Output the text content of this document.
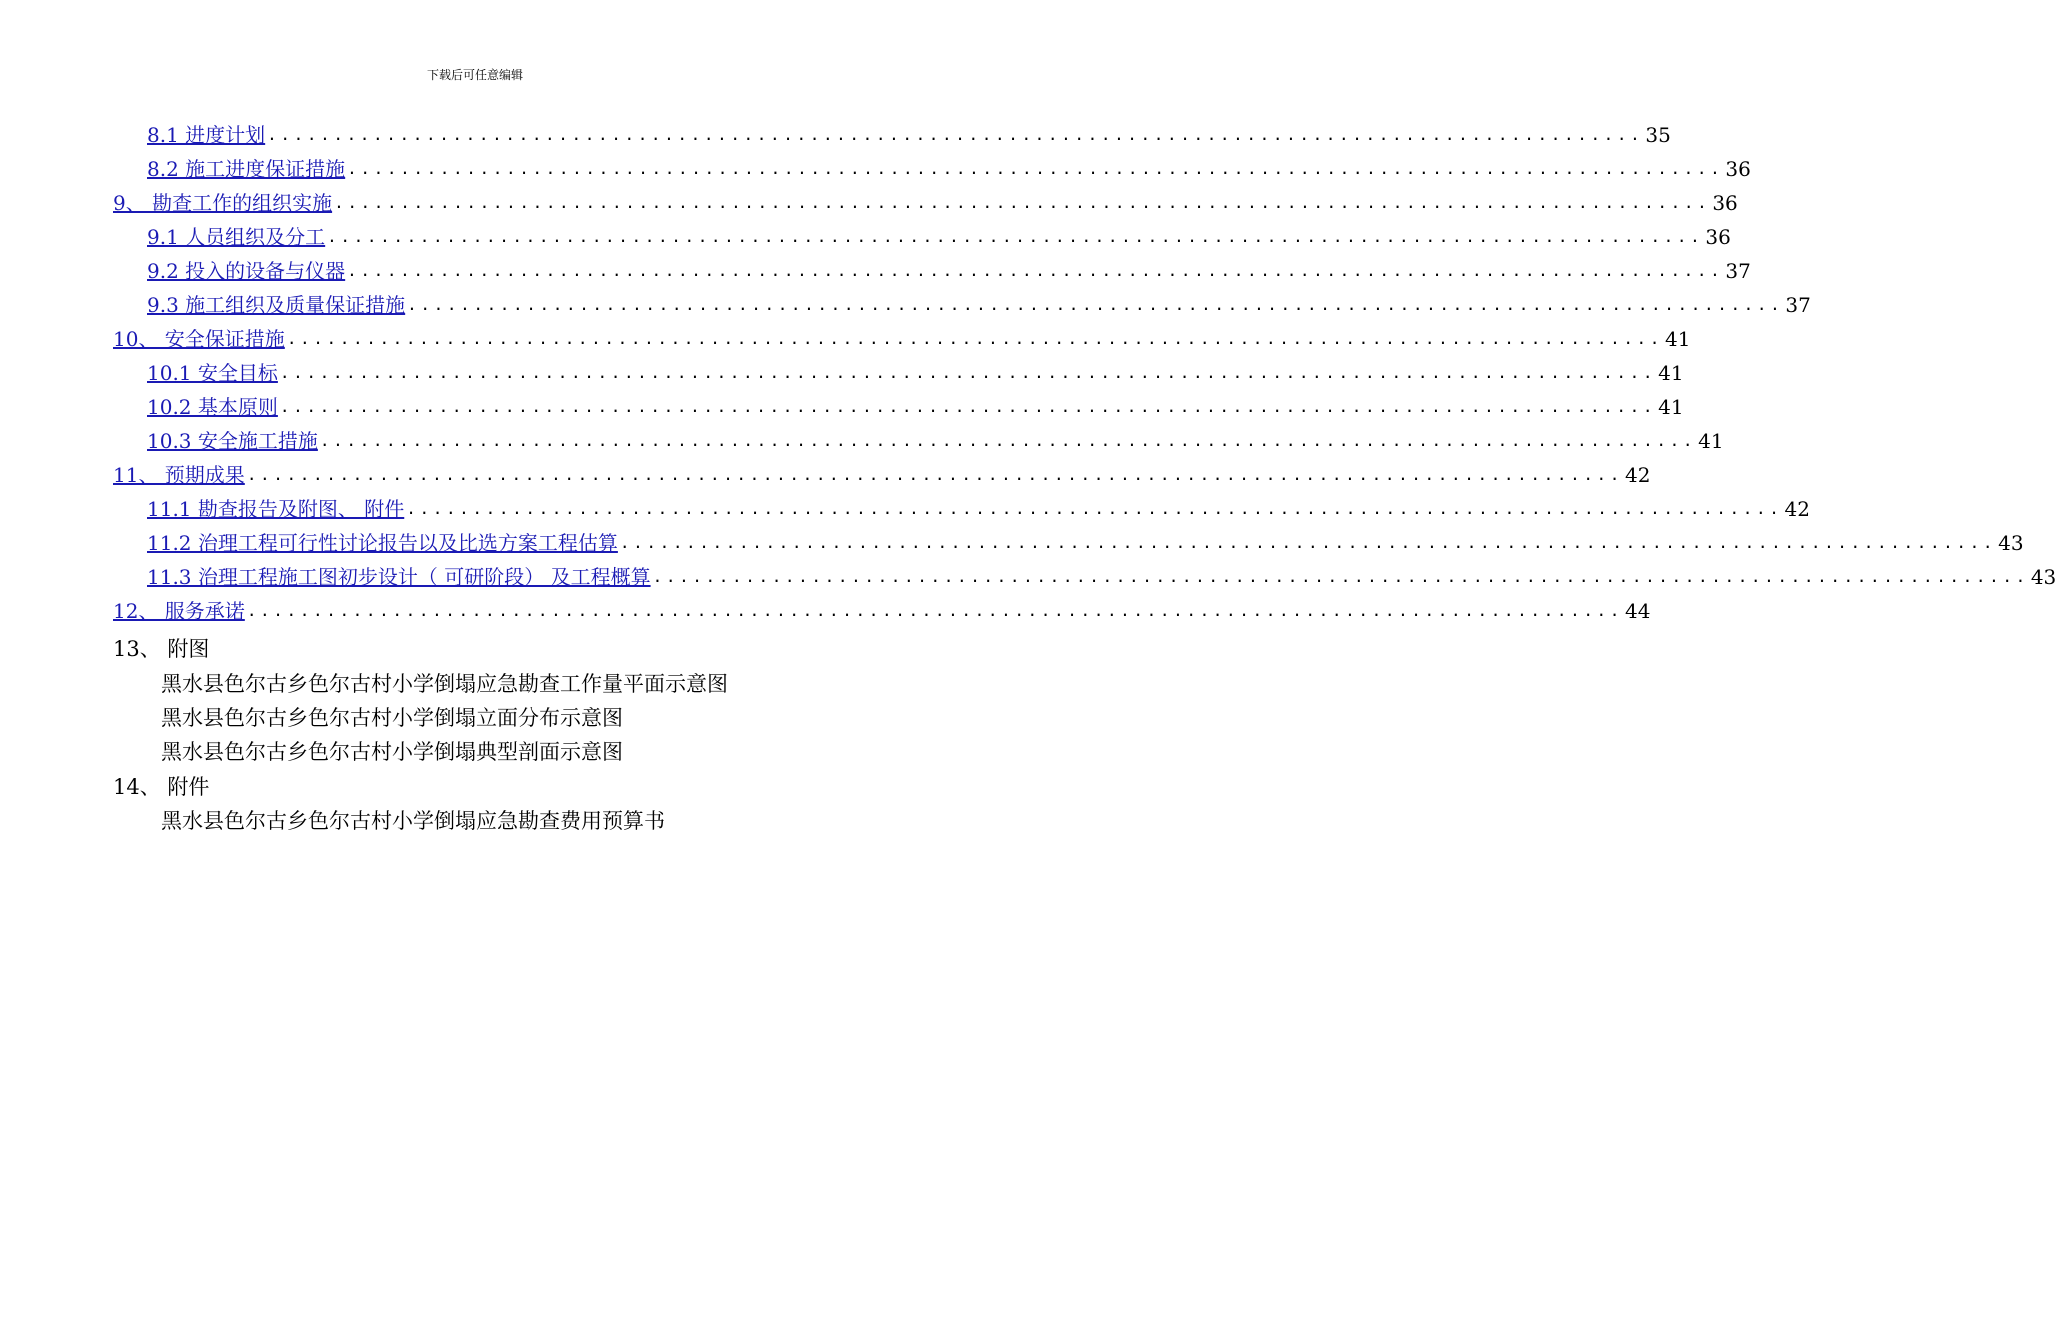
下载后可任意编辑
8.1 进度计划 ........................................................................................................ 35
8.2 施工进度保证措施 ........................................................................................................ 36
9、 勘查工作的组织实施 ........................................................................................................ 36
9.1 人员组织及分工 ........................................................................................................ 36
9.2 投入的设备与仪器 ........................................................................................................ 37
9.3 施工组织及质量保证措施 ........................................................................................................ 37
10、 安全保证措施 ........................................................................................................ 41
10.1 安全目标 ........................................................................................................ 41
10.2 基本原则 ........................................................................................................ 41
10.3 安全施工措施 ........................................................................................................ 41
11、 预期成果 ........................................................................................................ 42
11.1 勘查报告及附图、 附件 ........................................................................................................ 42
11.2 治理工程可行性讨论报告以及比选方案工程估算 ........................................................................................................ 43
11.3 治理工程施工图初步设计（ 可研阶段） 及工程概算 ........................................................................................................ 43
12、 服务承诺 ........................................................................................................ 44
13、 附图
黑水县色尔古乡色尔古村小学倒塌应急勘查工作量平面示意图
黑水县色尔古乡色尔古村小学倒塌立面分布示意图
黑水县色尔古乡色尔古村小学倒塌典型剖面示意图
14、 附件
黑水县色尔古乡色尔古村小学倒塌应急勘查费用预算书
